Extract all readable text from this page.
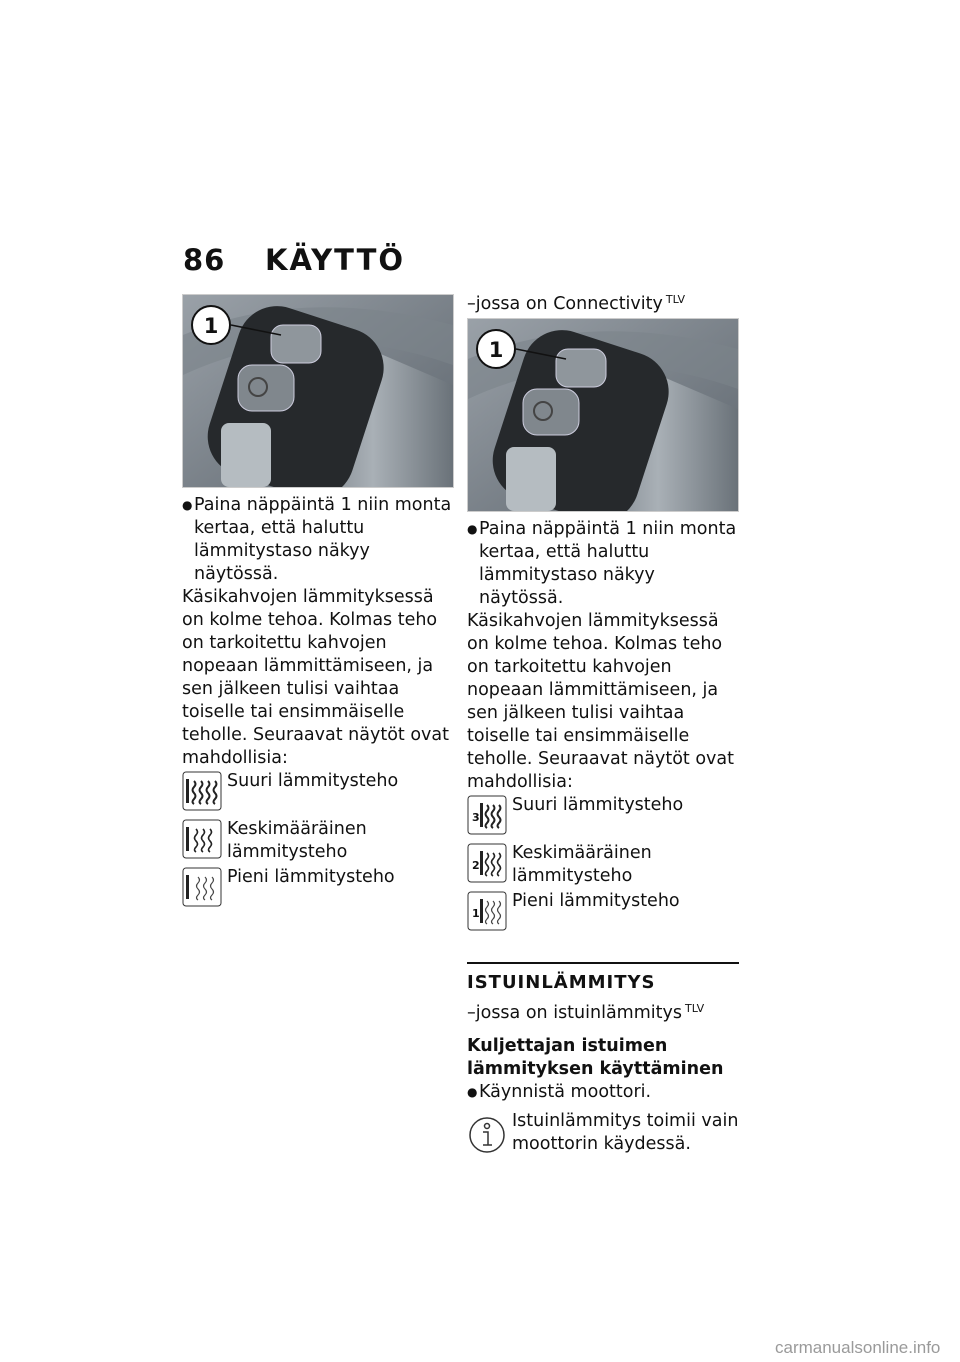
86	KÄYTTÖ
1
● Paina näppäintä 1 niin monta kertaa, että haluttu lämmitystaso näkyy näytössä.

Käsikahvojen lämmityksessä on kolme tehoa. Kolmas teho on tarkoitettu kahvojen nopeaan lämmittämiseen, ja sen jälkeen tulisi vaihtaa toiselle tai ensimmäiselle teholle. Seuraavat näytöt ovat mahdollisia:

Suuri lämmitysteho
Keskimääräinen lämmitysteho
Pieni lämmitysteho

–jossa on Connectivity $^{TLV}$

1
● Paina näppäintä 1 niin monta kertaa, että haluttu lämmitystaso näkyy näytössä.

Käsikahvojen lämmityksessä on kolme tehoa. Kolmas teho on tarkoitettu kahvojen nopeaan lämmittämiseen, ja sen jälkeen tulisi vaihtaa toiselle tai ensimmäiselle teholle. Seuraavat näytöt ovat mahdollisia:

3
Suuri lämmitysteho
2
Keskimääräinen lämmitysteho
1
Pieni lämmitysteho
ISTUINLÄMMITYS

–jossa on istuinlämmitys $^{TLV}$

Kuljettajan istuimen lämmityksen käyttäminen

● Käynnistä moottori.
Istuinlämmitys toimii vain moottorin käydessä.
carmanualsonline.info
